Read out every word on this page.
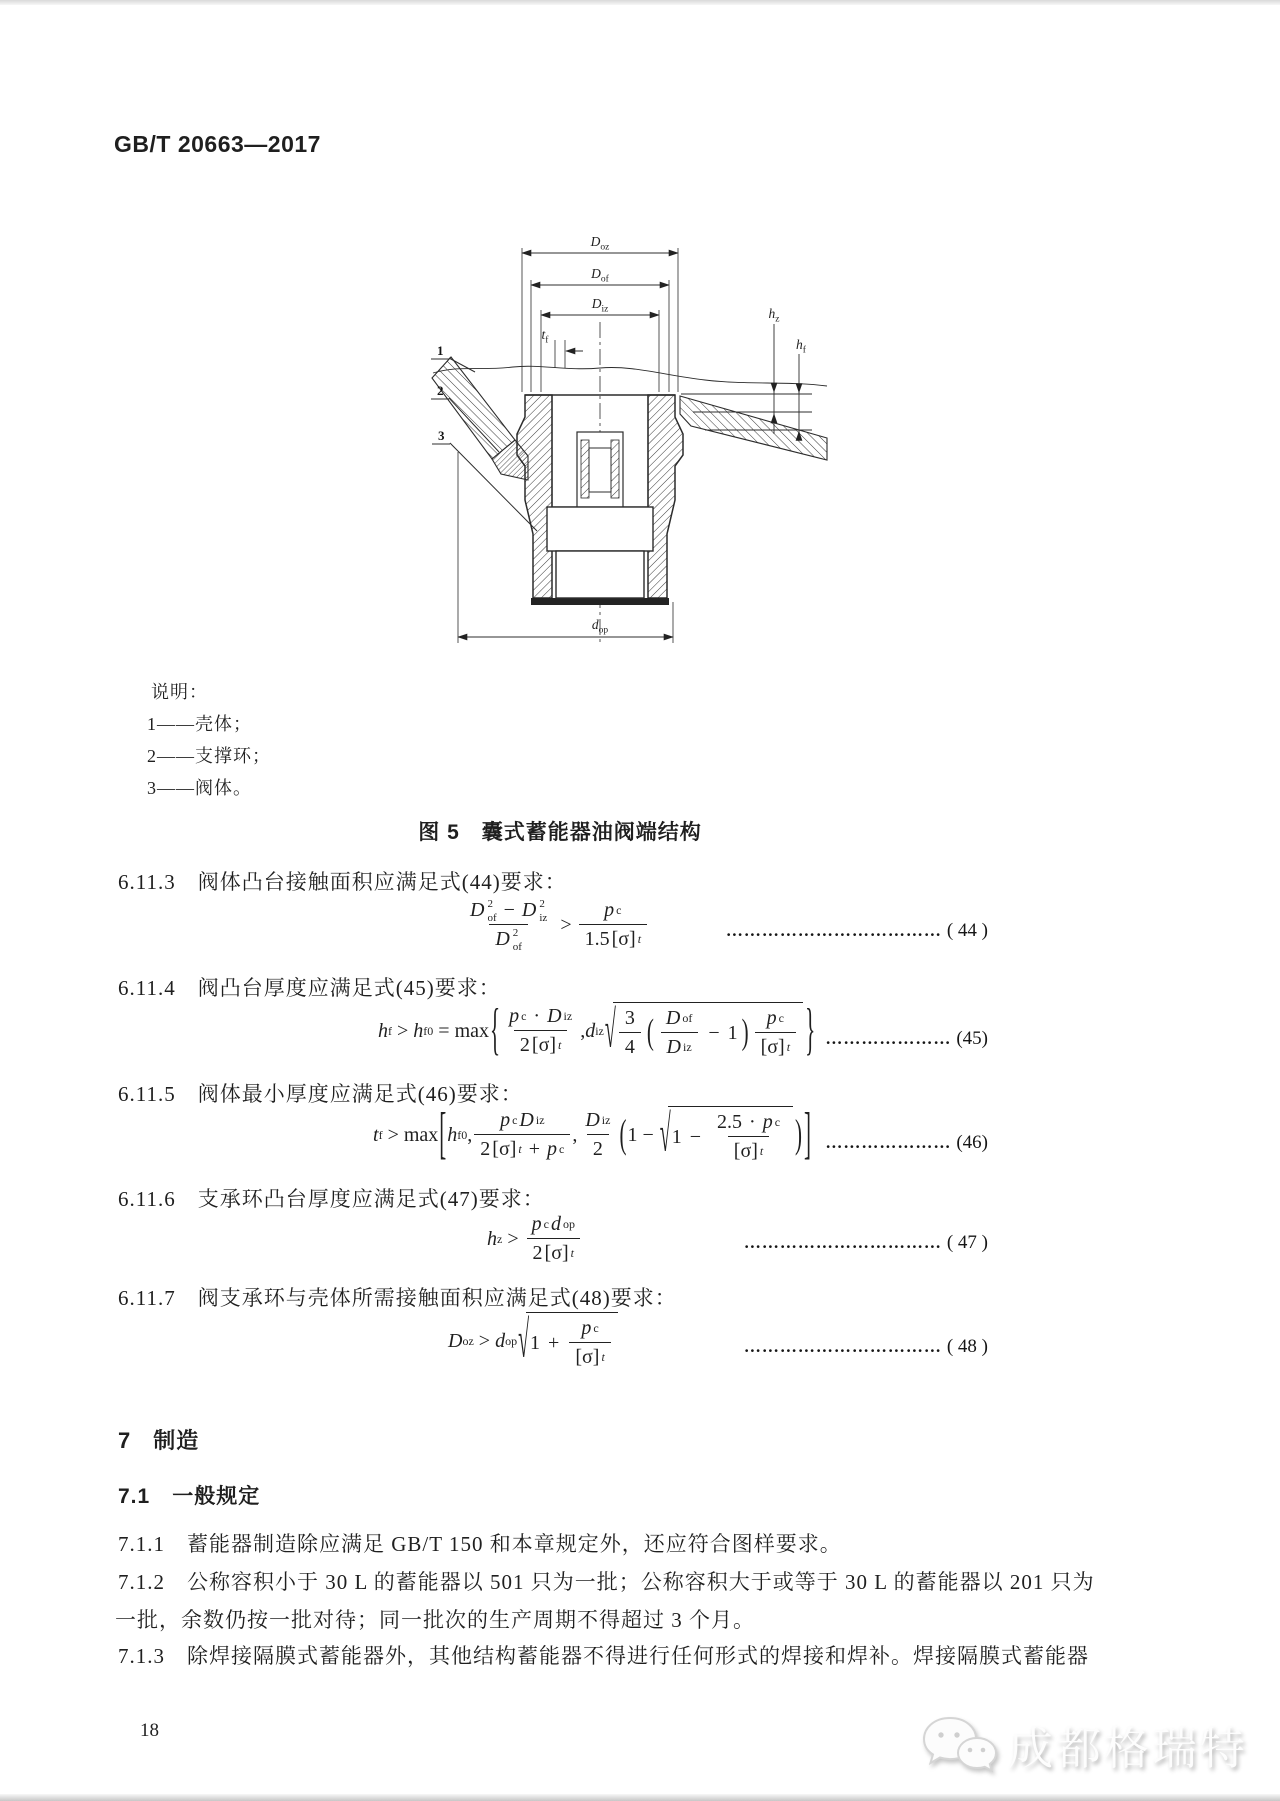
GB/T 20663—2017
$D_{oz}$
$D_{of}$
$D_{iz}$
$t_f$
$h_z$
$h_f$
$d_{op}$
1
2
3
说明：
1——壳体；
2——支撑环；
3——阀体。
图 5　囊式蓄能器油阀端结构
6.11.3 阀体凸台接触面积应满足式(44)要求：
6.11.4 阀凸台厚度应满足式(45)要求：
6.11.5 阀体最小厚度应满足式(46)要求：
6.11.6 支承环凸台厚度应满足式(47)要求：
6.11.7 阀支承环与壳体所需接触面积应满足式(48)要求：
D 2
of − D 2
iz
D 2
of
>
p c
1.5 [σ] t	……………………………… ( 44 )
h f > h f0 = max { p c · D iz
2 [σ] t
, d iz √ 3
4 ( D of
D iz
− 1 ) p c
[σ] t } ………………… (45)
t f > max [ h f0 ,
p c D iz
2 [σ] t + p c
,
D iz
2 ( 1 − √ $1 - \frac{\text{2.5 · p c}}{[\sigma] t}$ ) ] ………………… (46)
h z >
p c d op
2 [σ] t
…………………………… ( 47 )
D oz > d op √ $1 + \frac{\text{p c}}{[\sigma] t}$	…………………………… ( 48 )
7 制造
7.1 一般规定
7.1.1 蓄能器制造除应满足 GB/T 150 和本章规定外，还应符合图样要求。
7.1.2 公称容积小于 30 L 的蓄能器以 501 只为一批；公称容积大于或等于 30 L 的蓄能器以 201 只为
一批，余数仍按一批对待；同一批次的生产周期不得超过 3 个月。
7.1.3 除焊接隔膜式蓄能器外，其他结构蓄能器不得进行任何形式的焊接和焊补。焊接隔膜式蓄能器
18	成都格瑞特
